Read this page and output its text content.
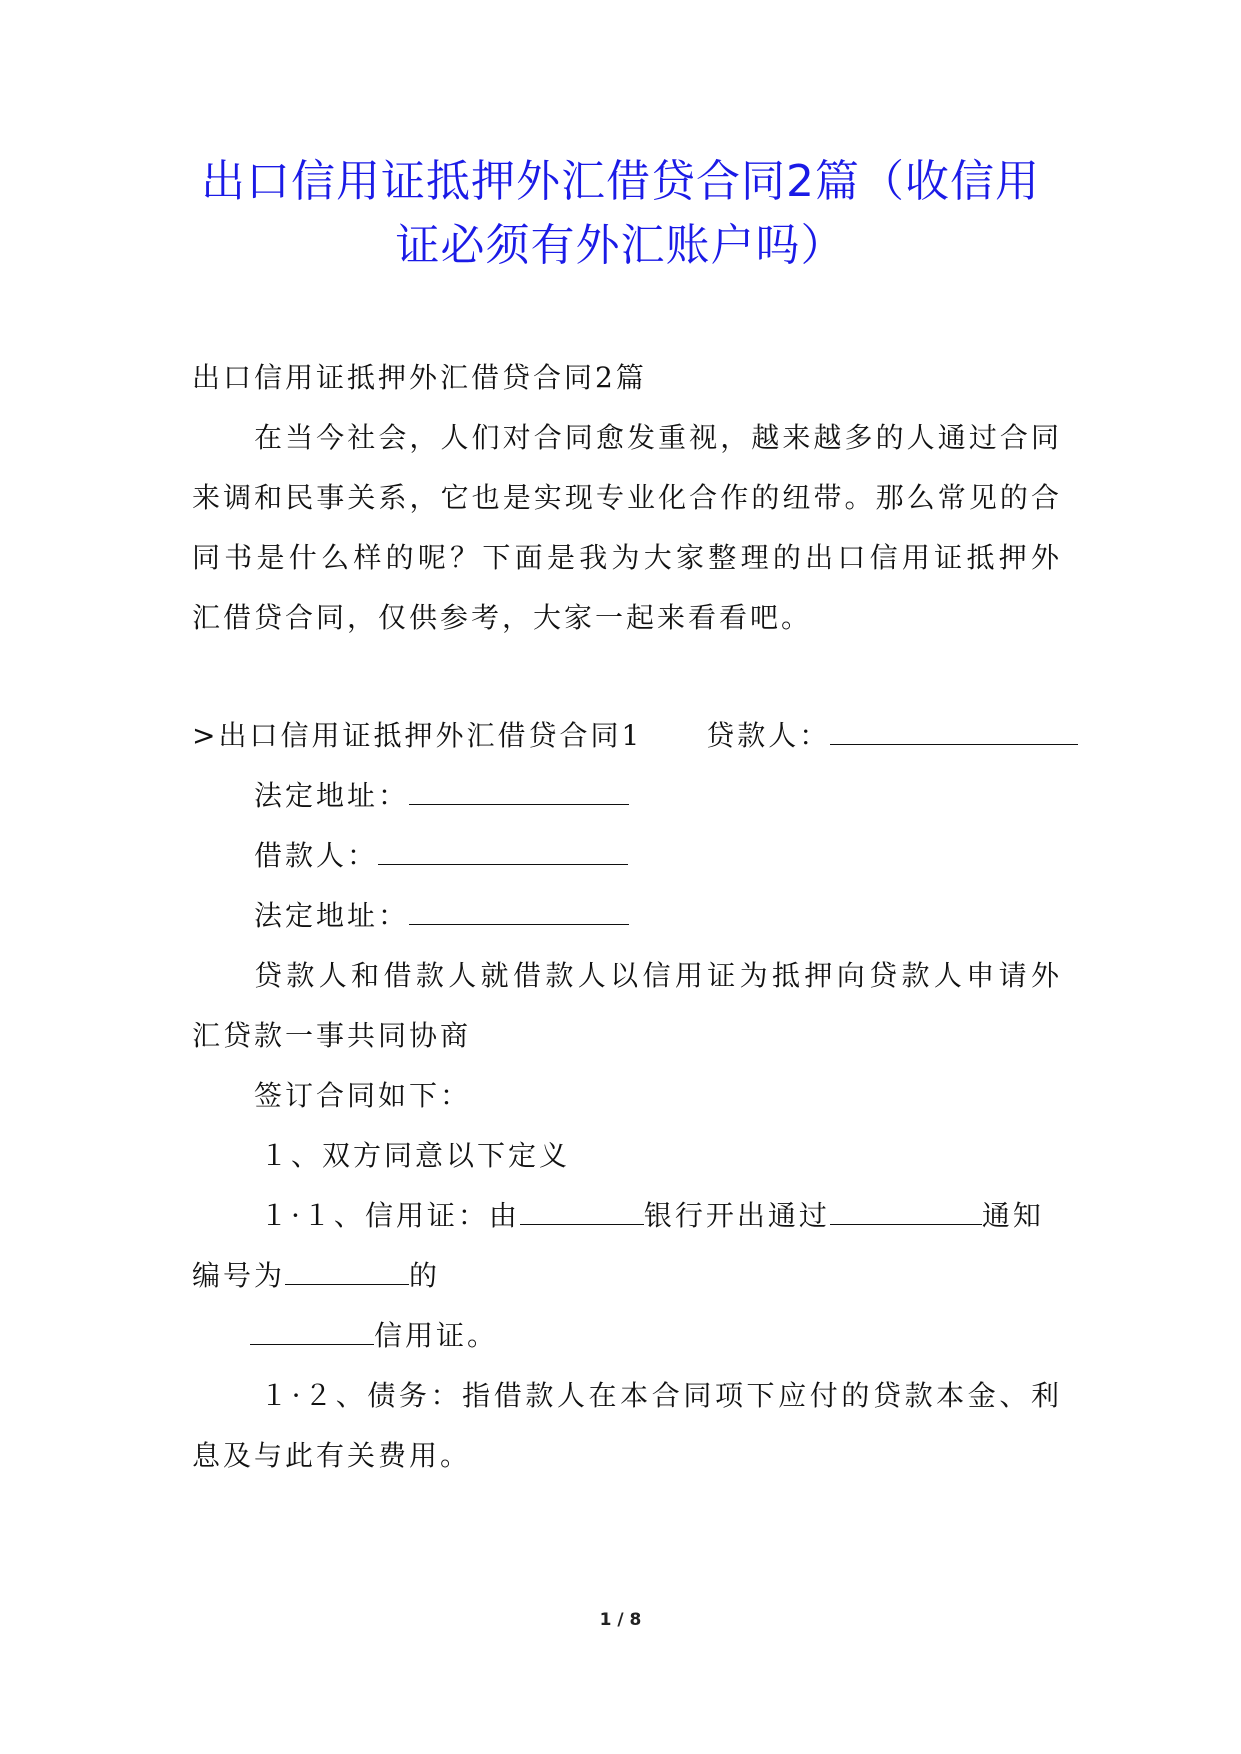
出口信用证抵押外汇借贷合同2篇（收信用
证必须有外汇账户吗）
出口信用证抵押外汇借贷合同2篇
在当今社会，人们对合同愈发重视，越来越多的人通过合同
来调和民事关系，它也是实现专业化合作的纽带。那么常见的合
同书是什么样的呢？下面是我为大家整理的出口信用证抵押外
汇借贷合同，仅供参考，大家一起来看看吧。
>出口信用证抵押外汇借贷合同1 贷款人：
法定地址：
借款人：
法定地址：
贷款人和借款人就借款人以信用证为抵押向贷款人申请外
汇贷款一事共同协商
签订合同如下：
１、双方同意以下定义
１·１、信用证：由	银行开出通过	通知
编号为	的
信用证。
１·２、债务：指借款人在本合同项下应付的贷款本金、利
息及与此有关费用。
1 / 8
